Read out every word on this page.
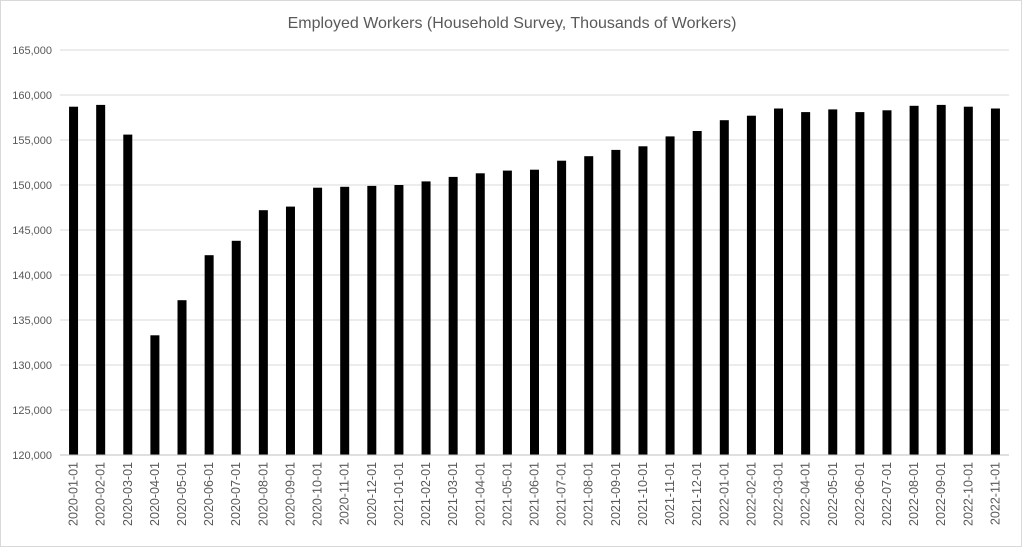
Employed Workers (Household Survey, Thousands of Workers)
120,000
125,000
130,000
135,000
140,000
145,000
150,000
155,000
160,000
165,000
2020-01-01 2020-02-01 2020-03-01 2020-04-01 2020-05-01 2020-06-01 2020-07-01 2020-08-01 2020-09-01 2020-10-01 2020-11-01 2020-12-01 2021-01-01 2021-02-01 2021-03-01 2021-04-01 2021-05-01 2021-06-01 2021-07-01 2021-08-01 2021-09-01 2021-10-01 2021-11-01 2021-12-01 2022-01-01 2022-02-01 2022-03-01 2022-04-01 2022-05-01 2022-06-01 2022-07-01 2022-08-01 2022-09-01 2022-10-01 2022-11-01
